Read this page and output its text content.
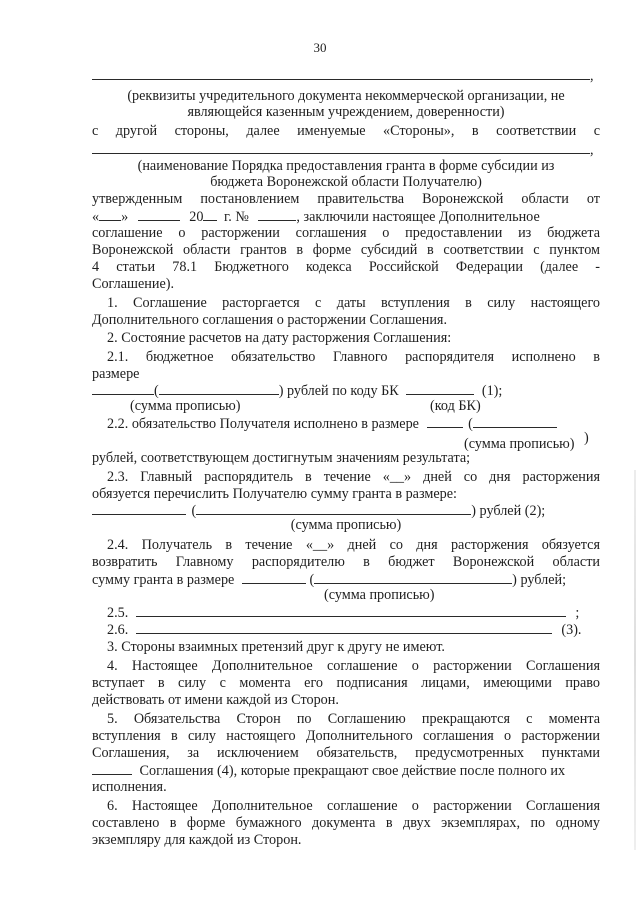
30
,
(реквизиты учредительного документа некоммерческой организации, не
являющейся казенным учреждением, доверенности)
с другой стороны, далее именуемые «Стороны», в соответствии с
,
(наименование Порядка предоставления гранта в форме субсидии из
бюджета Воронежской области Получателю)
утвержденным постановлением правительства Воронежской области от
« »	20 г. №	, заключили настоящее Дополнительное
соглашение о расторжении соглашения о предоставлении из бюджета
Воронежской области грантов в форме субсидий в соответствии с пунктом
4 статьи 78.1 Бюджетного кодекса Российской Федерации (далее -
Соглашение).
1. Соглашение расторгается с даты вступления в силу настоящего
Дополнительного соглашения о расторжении Соглашения.
2. Состояние расчетов на дату расторжения Соглашения:
2.1. бюджетное обязательство Главного распорядителя исполнено в
размере
(	) рублей по коду БК	(1);
(сумма прописью)	(код БК)
2.2. обязательство Получателя исполнено в размере	(
)
(сумма прописью)
рублей, соответствующем достигнутым значениям результата;
2.3. Главный распорядитель в течение «__» дней со дня расторжения
обязуется перечислить Получателю сумму гранта в размере:
(	) рублей (2);
(сумма прописью)
2.4. Получатель в течение «__» дней со дня расторжения обязуется
возвратить Главному распорядителю в бюджет Воронежской области
сумму гранта в размере	(	) рублей;
(сумма прописью)
2.5.	;
2.6.	(3).
3. Стороны взаимных претензий друг к другу не имеют.
4. Настоящее Дополнительное соглашение о расторжении Соглашения
вступает в силу с момента его подписания лицами, имеющими право
действовать от имени каждой из Сторон.
5. Обязательства Сторон по Соглашению прекращаются с момента
вступления в силу настоящего Дополнительного соглашения о расторжении
Соглашения, за исключением обязательств, предусмотренных пунктами
Соглашения (4), которые прекращают свое действие после полного их
исполнения.
6. Настоящее Дополнительное соглашение о расторжении Соглашения
составлено в форме бумажного документа в двух экземплярах, по одному
экземпляру для каждой из Сторон.
